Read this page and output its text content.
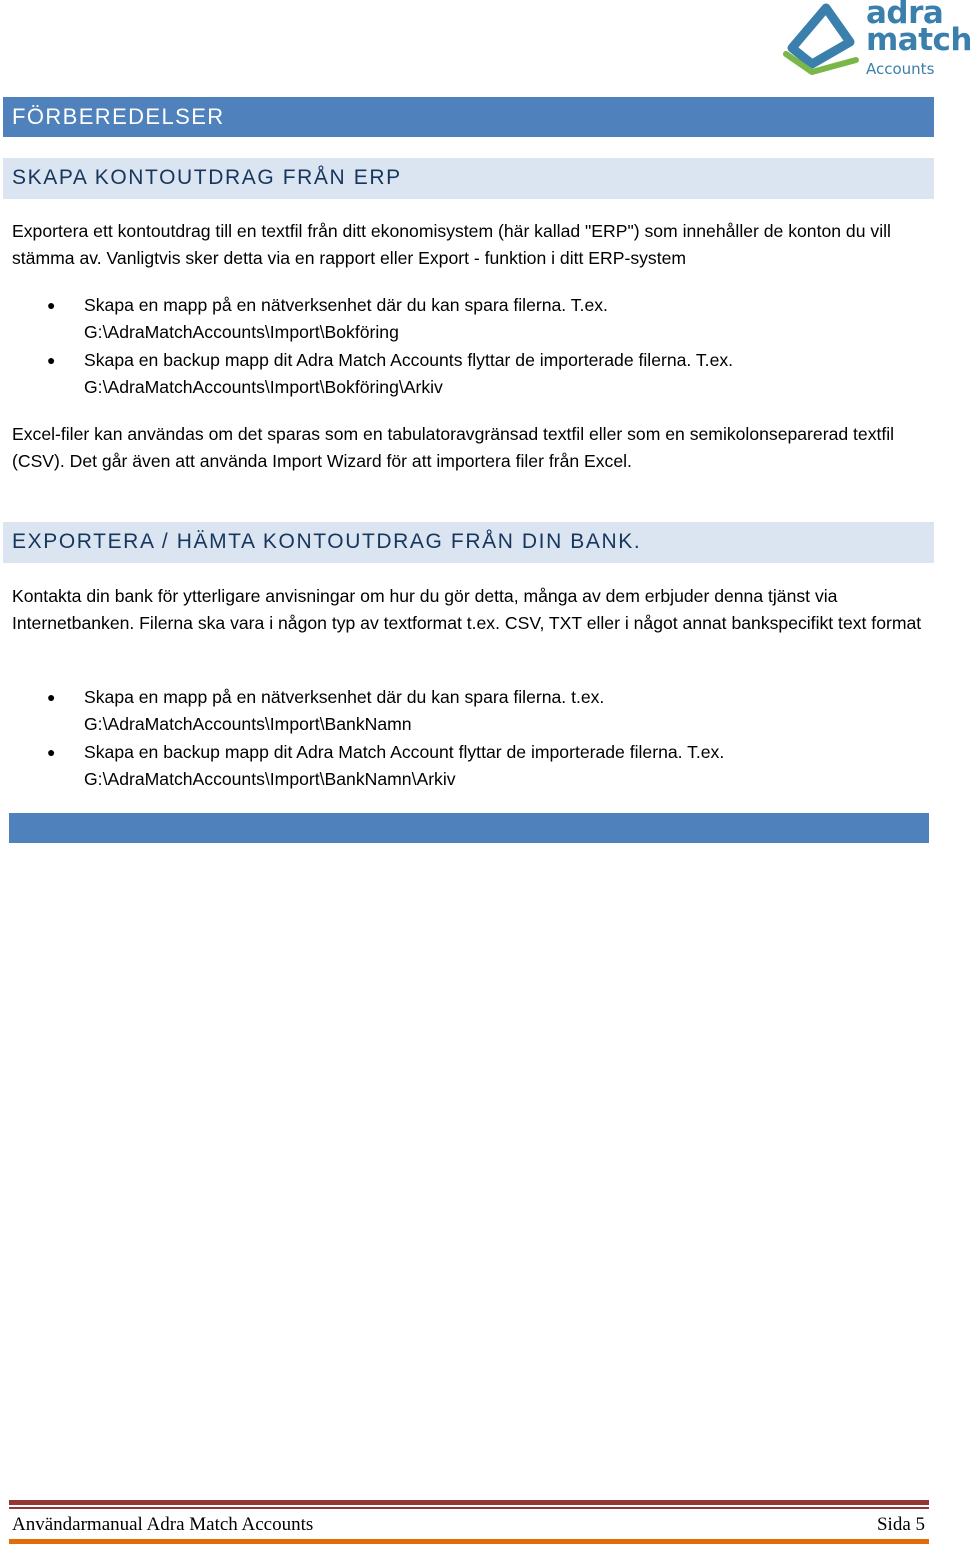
adra
match
Accounts
FÖRBEREDELSER
SKAPA KONTOUTDRAG FRÅN ERP

Exportera ett kontoutdrag till en textfil från ditt ekonomisystem (här kallad "ERP") som innehåller de konton du vill stämma av. Vanligtvis sker detta via en rapport eller Export - funktion i ditt ERP-system

● Skapa en mapp på en nätverksenhet där du kan spara filerna. T.ex.
G:\AdraMatchAccounts\Import\Bokföring
● Skapa en backup mapp dit Adra Match Accounts flyttar de importerade filerna. T.ex.
G:\AdraMatchAccounts\Import\Bokföring\Arkiv

Excel-filer kan användas om det sparas som en tabulatoravgränsad textfil eller som en semikolonseparerad textfil (CSV). Det går även att använda Import Wizard för att importera filer från Excel.

EXPORTERA / HÄMTA KONTOUTDRAG FRÅN DIN BANK.

Kontakta din bank för ytterligare anvisningar om hur du gör detta, många av dem erbjuder denna tjänst via Internetbanken. Filerna ska vara i någon typ av textformat t.ex. CSV, TXT eller i något annat bankspecifikt text format

● Skapa en mapp på en nätverksenhet där du kan spara filerna. t.ex.
G:\AdraMatchAccounts\Import\BankNamn
● Skapa en backup mapp dit Adra Match Account flyttar de importerade filerna. T.ex.
G:\AdraMatchAccounts\Import\BankNamn\Arkiv
Användarmanual Adra Match Accounts	Sida 5
